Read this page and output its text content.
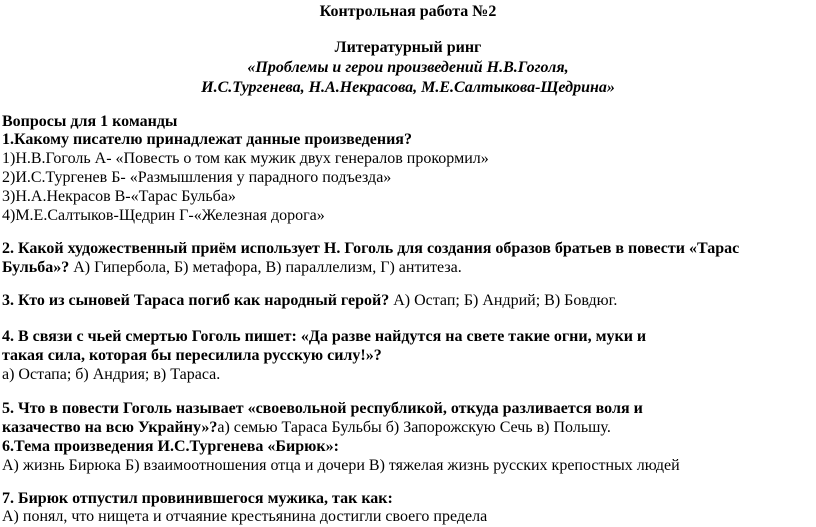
Контрольная работа №2
Литературный ринг
«Проблемы и герои произведений Н.В.Гоголя,
И.С.Тургенева, Н.А.Некрасова, М.Е.Салтыкова-Щедрина»
Вопросы для 1 команды
1.Какому писателю принадлежат данные произведения?
1)Н.В.Гоголь А- «Повесть о том как мужик двух генералов прокормил»
2)И.С.Тургенев Б- «Размышления у парадного подъезда»
3)Н.А.Некрасов В-«Тарас Бульба»
4)М.Е.Салтыков-Щедрин Г-«Железная дорога»
2. Какой художественный приём использует Н. Гоголь для создания образов братьев в повести «Тарас
Бульба»? А) Гипербола, Б) метафора, В) параллелизм, Г) антитеза.
3. Кто из сыновей Тараса погиб как народный герой? А) Остап; Б) Андрий; В) Бовдюг.
4. В связи с чьей смертью Гоголь пишет: «Да разве найдутся на свете такие огни, муки и
такая сила, которая бы пересилила русскую силу!»?
а) Остапа; б) Андрия; в) Тараса.
5. Что в повести Гоголь называет «своевольной республикой, откуда разливается воля и
казачество на всю Украйну»?а) семью Тараса Бульбы б) Запорожскую Сечь в) Польшу.
6.Тема произведения И.С.Тургенева «Бирюк»:
А) жизнь Бирюка Б) взаимоотношения отца и дочери В) тяжелая жизнь русских крепостных людей
7. Бирюк отпустил провинившегося мужика, так как:
А) понял, что нищета и отчаяние крестьянина достигли своего предела
